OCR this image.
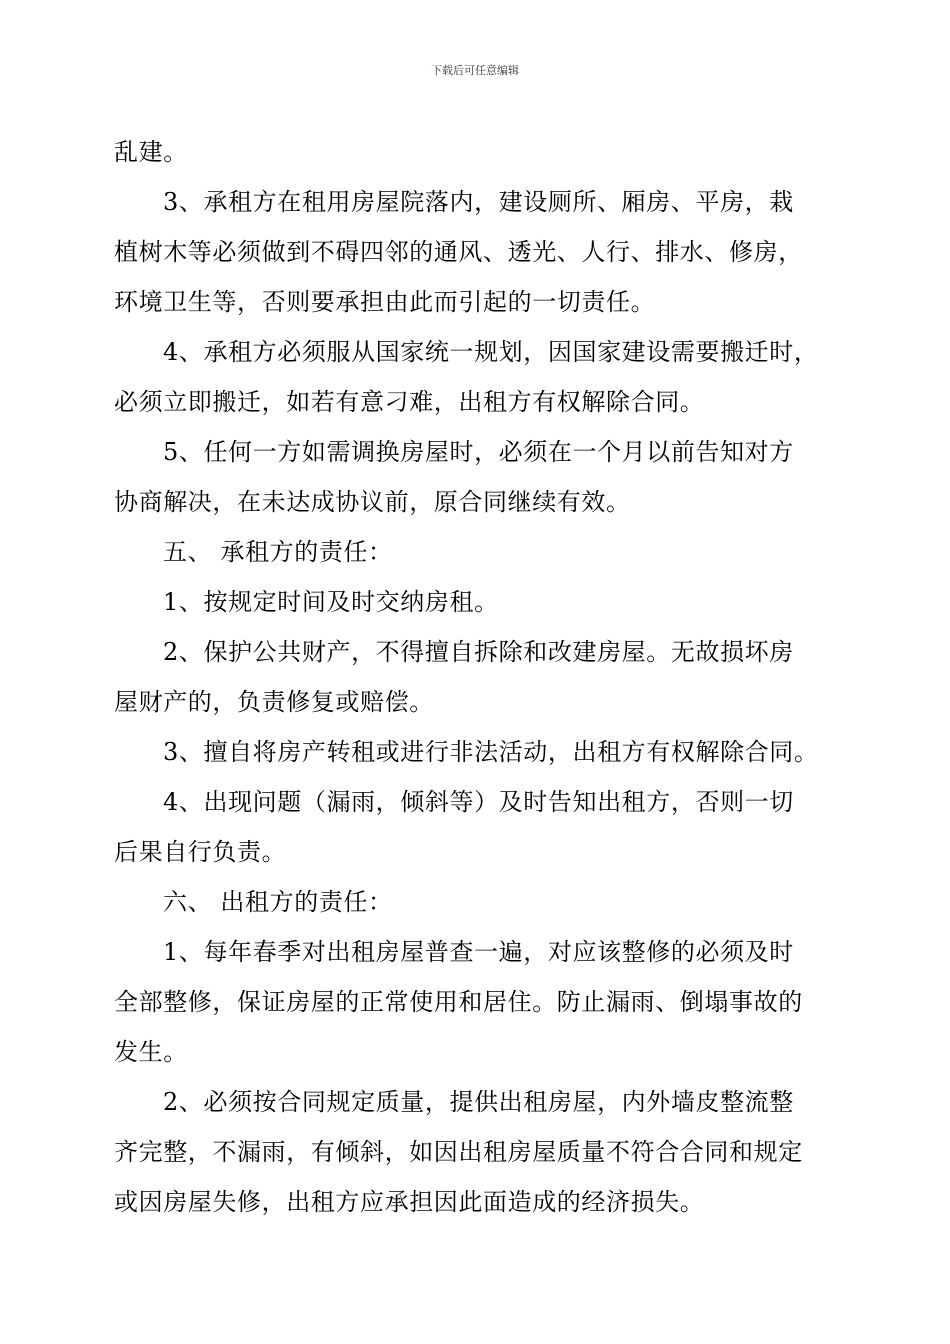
下载后可任意编辑
乱建。
3、承租方在租用房屋院落内，建设厕所、厢房、平房，栽
植树木等必须做到不碍四邻的通风、透光、人行、排水、修房，
环境卫生等，否则要承担由此而引起的一切责任。
4、承租方必须服从国家统一规划，因国家建设需要搬迁时，
必须立即搬迁，如若有意刁难，出租方有权解除合同。
5、任何一方如需调换房屋时，必须在一个月以前告知对方
协商解决，在未达成协议前，原合同继续有效。
五、 承租方的责任：
1、按规定时间及时交纳房租。
2、保护公共财产，不得擅自拆除和改建房屋。无故损坏房
屋财产的，负责修复或赔偿。
3、擅自将房产转租或进行非法活动，出租方有权解除合同。
4、出现问题（漏雨，倾斜等）及时告知出租方，否则一切
后果自行负责。
六、 出租方的责任：
1、每年春季对出租房屋普查一遍，对应该整修的必须及时
全部整修，保证房屋的正常使用和居住。防止漏雨、倒塌事故的
发生。
2、必须按合同规定质量，提供出租房屋，内外墙皮整流整
齐完整，不漏雨，有倾斜，如因出租房屋质量不符合合同和规定
或因房屋失修，出租方应承担因此面造成的经济损失。
